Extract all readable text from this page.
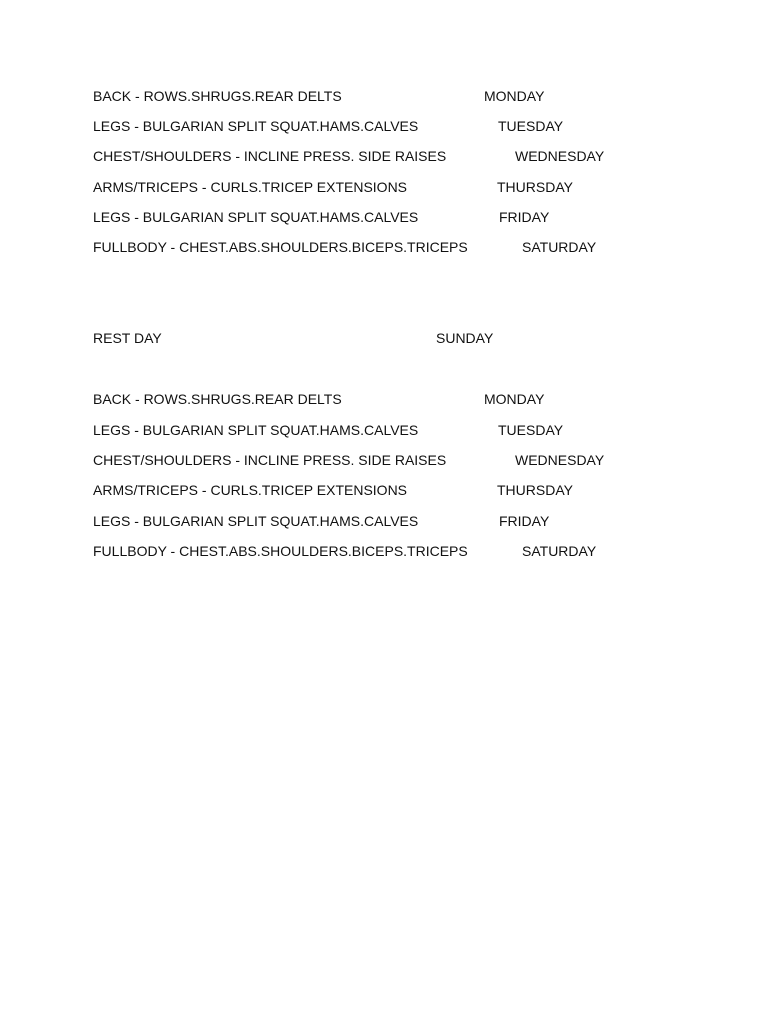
BACK - ROWS.SHRUGS.REAR DELTS	MONDAY
LEGS - BULGARIAN SPLIT SQUAT.HAMS.CALVES	TUESDAY
CHEST/SHOULDERS - INCLINE PRESS. SIDE RAISES	WEDNESDAY
ARMS/TRICEPS - CURLS.TRICEP EXTENSIONS	THURSDAY
LEGS - BULGARIAN SPLIT SQUAT.HAMS.CALVES	FRIDAY
FULLBODY - CHEST.ABS.SHOULDERS.BICEPS.TRICEPS	SATURDAY
REST DAY	SUNDAY
BACK - ROWS.SHRUGS.REAR DELTS	MONDAY
LEGS - BULGARIAN SPLIT SQUAT.HAMS.CALVES	TUESDAY
CHEST/SHOULDERS - INCLINE PRESS. SIDE RAISES	WEDNESDAY
ARMS/TRICEPS - CURLS.TRICEP EXTENSIONS	THURSDAY
LEGS - BULGARIAN SPLIT SQUAT.HAMS.CALVES	FRIDAY
FULLBODY - CHEST.ABS.SHOULDERS.BICEPS.TRICEPS	SATURDAY
